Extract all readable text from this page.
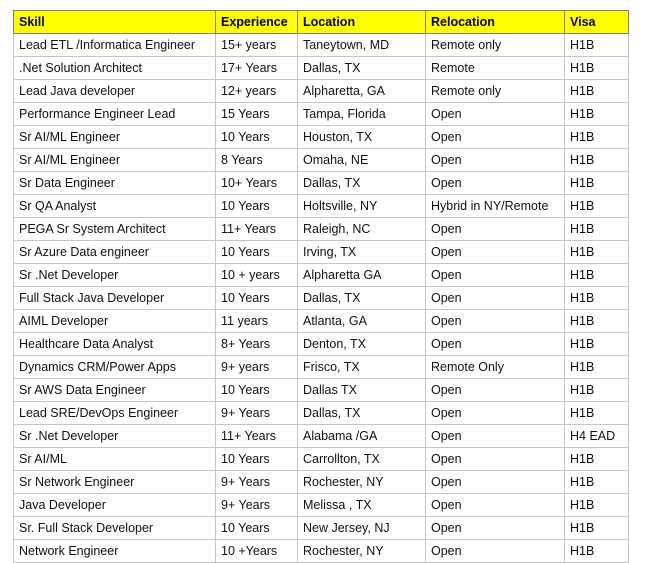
Skill	Experience	Location	Relocation	Visa
Lead ETL /Informatica Engineer	15+ years	Taneytown, MD	Remote only	H1B
.Net Solution Architect	17+ Years	Dallas, TX	Remote	H1B
Lead Java developer	12+ years	Alpharetta, GA	Remote only	H1B
Performance Engineer Lead	15 Years	Tampa, Florida	Open	H1B
Sr AI/ML Engineer	10 Years	Houston, TX	Open	H1B
Sr AI/ML Engineer	8 Years	Omaha, NE	Open	H1B
Sr Data Engineer	10+ Years	Dallas, TX	Open	H1B
Sr QA Analyst	10 Years	Holtsville, NY	Hybrid in NY/Remote	H1B
PEGA Sr System Architect	11+ Years	Raleigh, NC	Open	H1B
Sr Azure Data engineer	10 Years	Irving, TX	Open	H1B
Sr .Net Developer	10 + years	Alpharetta GA	Open	H1B
Full Stack Java Developer	10 Years	Dallas, TX	Open	H1B
AIML Developer	11 years	Atlanta, GA	Open	H1B
Healthcare Data Analyst	8+ Years	Denton, TX	Open	H1B
Dynamics CRM/Power Apps	9+ years	Frisco, TX	Remote Only	H1B
Sr AWS Data Engineer	10 Years	Dallas TX	Open	H1B
Lead SRE/DevOps Engineer	9+ Years	Dallas, TX	Open	H1B
Sr .Net Developer	11+ Years	Alabama /GA	Open	H4 EAD
Sr AI/ML	10 Years	Carrollton, TX	Open	H1B
Sr Network Engineer	9+ Years	Rochester, NY	Open	H1B
Java Developer	9+ Years	Melissa , TX	Open	H1B
Sr. Full Stack Developer	10 Years	New Jersey, NJ	Open	H1B
Network Engineer	10 +Years	Rochester, NY	Open	H1B
